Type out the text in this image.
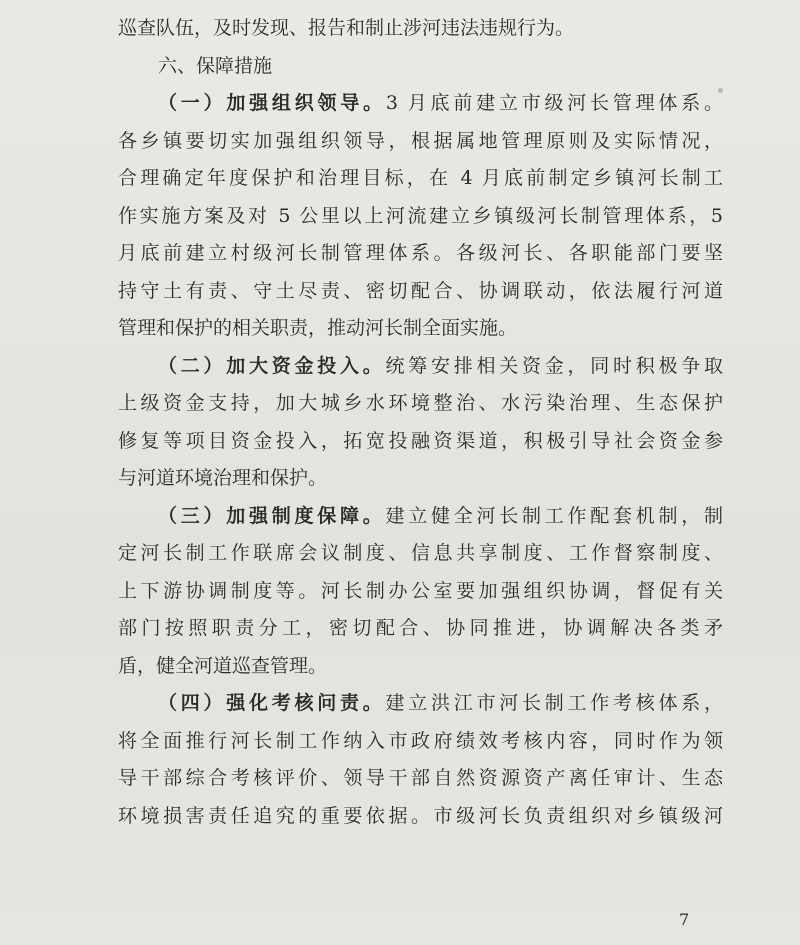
巡查队伍，及时发现、报告和制止涉河违法违规行为。
六、保障措施
（一）加强组织领导。3 月底前建立市级河长管理体系。
各乡镇要切实加强组织领导，根据属地管理原则及实际情况，
合理确定年度保护和治理目标，在 4 月底前制定乡镇河长制工
作实施方案及对 5 公里以上河流建立乡镇级河长制管理体系，5
月底前建立村级河长制管理体系。各级河长、各职能部门要坚
持守土有责、守土尽责、密切配合、协调联动，依法履行河道
管理和保护的相关职责，推动河长制全面实施。
（二）加大资金投入。统筹安排相关资金，同时积极争取
上级资金支持，加大城乡水环境整治、水污染治理、生态保护
修复等项目资金投入，拓宽投融资渠道，积极引导社会资金参
与河道环境治理和保护。
（三）加强制度保障。建立健全河长制工作配套机制，制
定河长制工作联席会议制度、信息共享制度、工作督察制度、
上下游协调制度等。河长制办公室要加强组织协调，督促有关
部门按照职责分工，密切配合、协同推进，协调解决各类矛
盾，健全河道巡查管理。
（四）强化考核问责。建立洪江市河长制工作考核体系，
将全面推行河长制工作纳入市政府绩效考核内容，同时作为领
导干部综合考核评价、领导干部自然资源资产离任审计、生态
环境损害责任追究的重要依据。市级河长负责组织对乡镇级河
7
